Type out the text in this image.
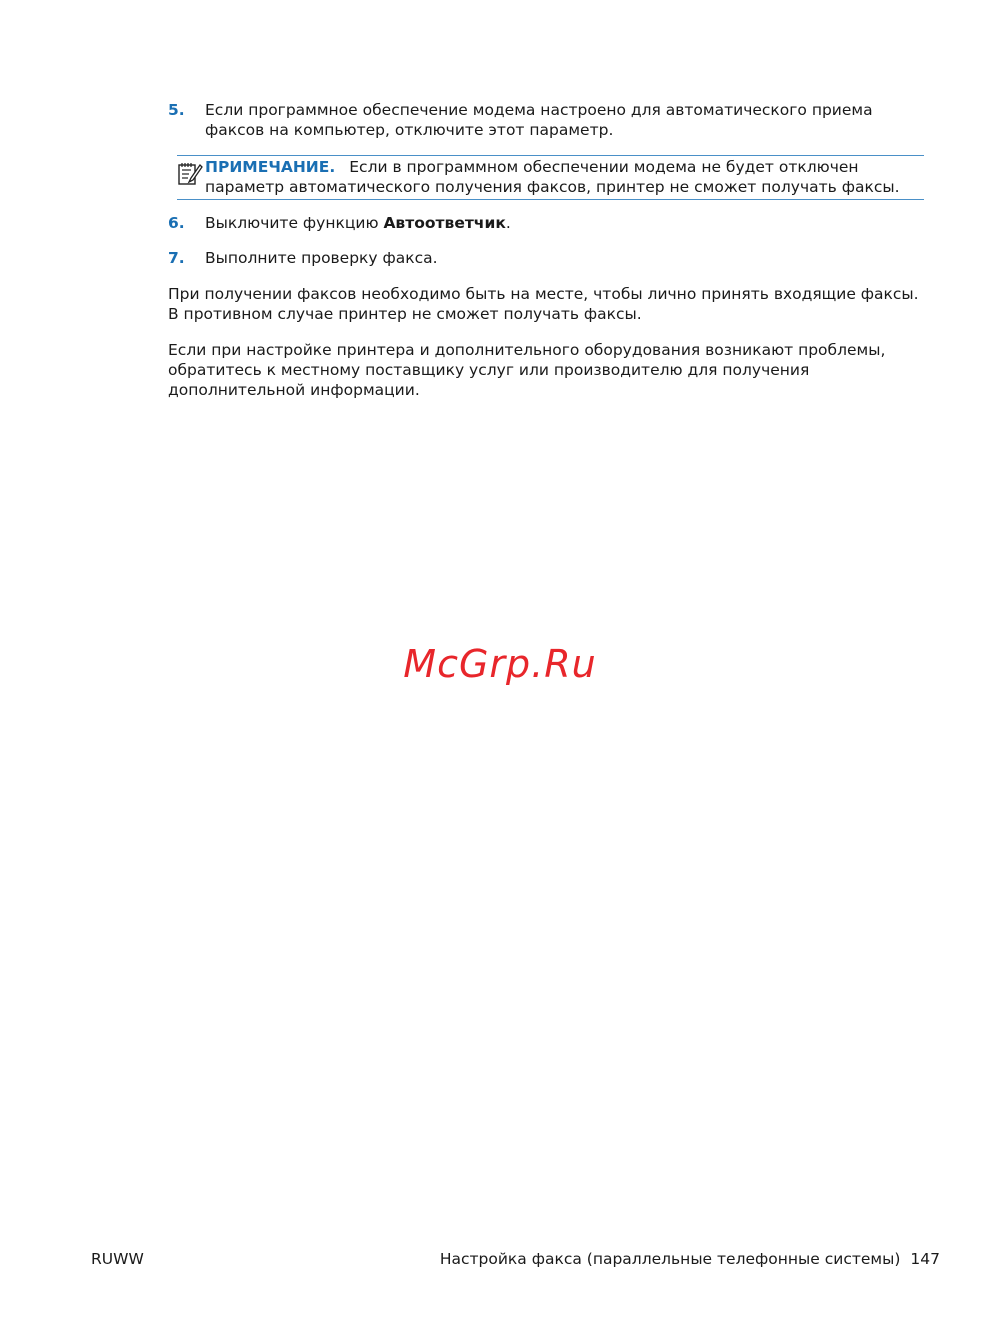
5. Если программное обеспечение модема настроено для автоматического приема факсов на компьютер, отключите этот параметр.
ПРИМЕЧАНИЕ. Если в программном обеспечении модема не будет отключен параметр автоматического получения факсов, принтер не сможет получать факсы.
6. Выключите функцию Автоответчик.
7. Выполните проверку факса.
При получении факсов необходимо быть на месте, чтобы лично принять входящие факсы. В противном случае принтер не сможет получать факсы.
Если при настройке принтера и дополнительного оборудования возникают проблемы, обратитесь к местному поставщику услуг или производителю для получения дополнительной информации.
McGrp.Ru
RUWW	Настройка факса (параллельные телефонные системы) 147
